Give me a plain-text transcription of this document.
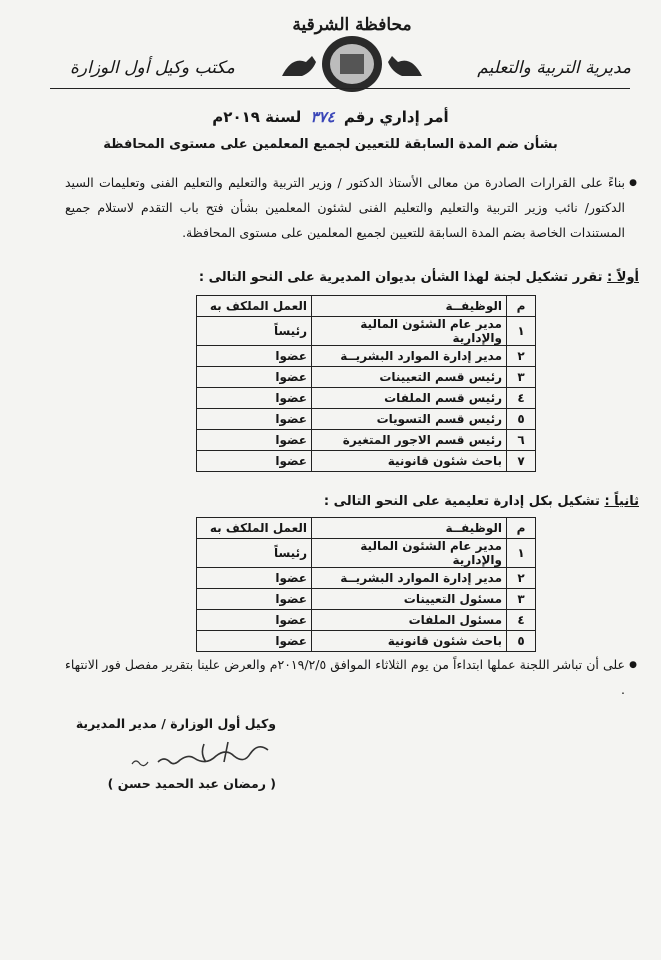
مديرية التربية والتعليم
مكتب وكيل أول الوزارة
محافظة الشرقية
أمر إداري رقم ٣٧٤ لسنة ٢٠١٩م
بشأن ضم المدة السابقة للتعيين لجميع المعلمين على مستوى المحافظة
●
بناءً على القرارات الصادرة من معالى الأستاذ الدكتور / وزير التربية والتعليم والتعليم الفنى وتعليمات السيد الدكتور/ نائب وزير التربية والتعليم والتعليم الفنى لشئون المعلمين بشأن فتح باب التقدم لاستلام جميع المستندات الخاصة بضم المدة السابقة للتعيين لجميع المعلمين على مستوى المحافظة.
أولاً : تقرر تشكيل لجنة لهذا الشأن بديوان المديرية على النحو التالى :
م	الوظيفــة	العمل الملكف به
١	مدير عام الشئون المالية والإدارية	رئيساً
٢	مدير إدارة الموارد البشريــة	عضوا
٣	رئيس قسم التعيينات	عضوا
٤	رئيس قسم الملفات	عضوا
٥	رئيس قسم التسويات	عضوا
٦	رئيس قسم الاجور المتغيرة	عضوا
٧	باحث شئون قانونية	عضوا
ثانياً : تشكيل بكل إدارة تعليمية على النحو التالى :
م	الوظيفــة	العمل الملكف به
١	مدير عام الشئون المالية والإدارية	رئيساً
٢	مدير إدارة الموارد البشريــة	عضوا
٣	مسئول التعيينات	عضوا
٤	مسئول الملفات	عضوا
٥	باحث شئون قانونية	عضوا
●
على أن تباشر اللجنة عملها ابتداءاً من يوم الثلاثاء الموافق ٢٠١٩/٢/٥م والعرض علينا بتقرير مفصل فور الانتهاء .
وكيل أول الوزارة / مدير المديرية
( رمضان عبد الحميد حسن )
